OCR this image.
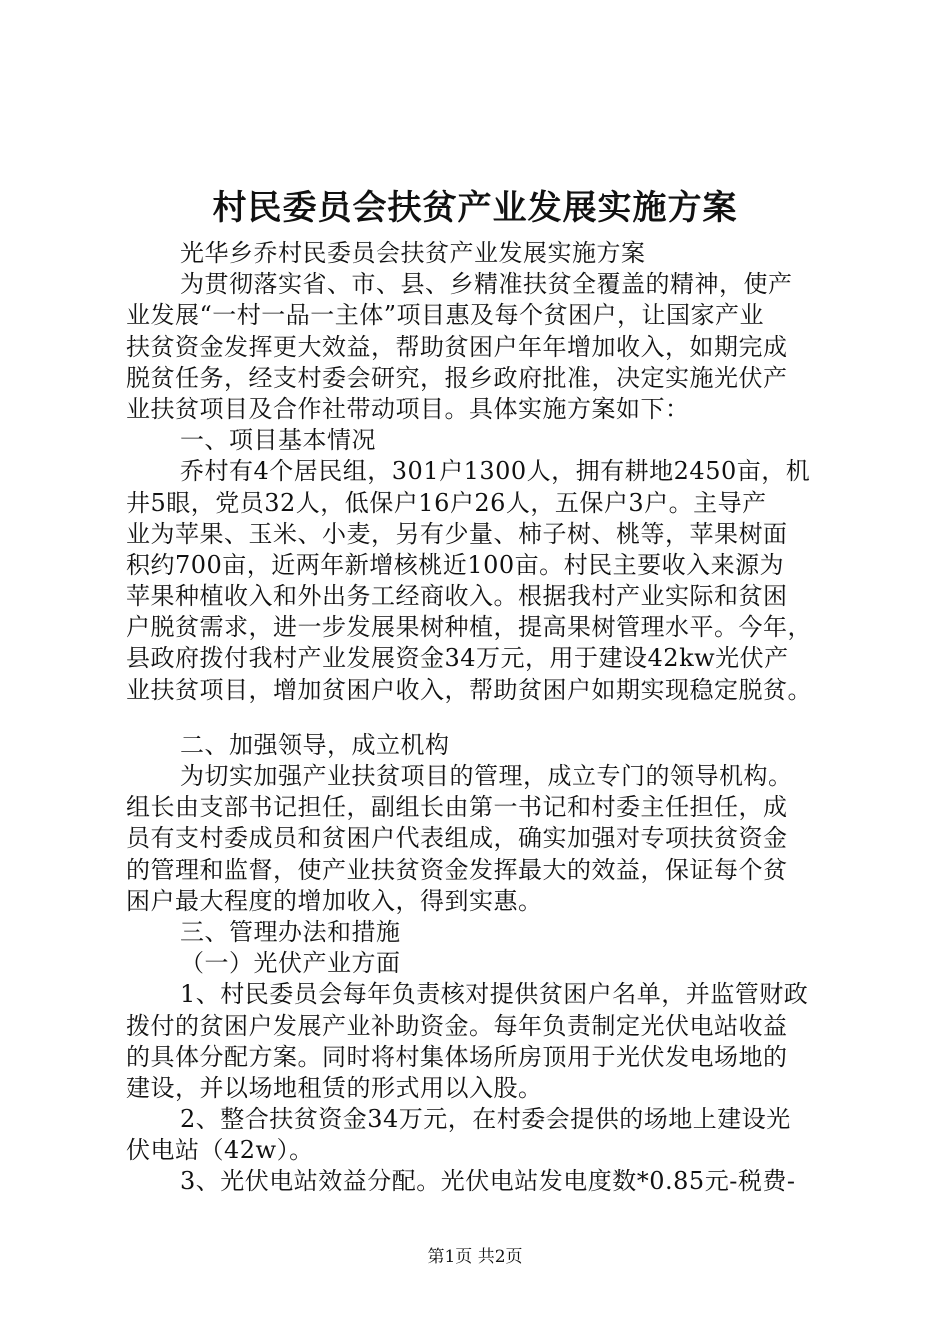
村民委员会扶贫产业发展实施方案
光华乡乔村民委员会扶贫产业发展实施方案
为贯彻落实省、市、县、乡精准扶贫全覆盖的精神，使产
业发展“一村一品一主体”项目惠及每个贫困户，让国家产业
扶贫资金发挥更大效益，帮助贫困户年年增加收入，如期完成
脱贫任务，经支村委会研究，报乡政府批准，决定实施光伏产
业扶贫项目及合作社带动项目。具体实施方案如下：
一、项目基本情况
乔村有4个居民组，301户1300人，拥有耕地2450亩，机
井5眼，党员32人，低保户16户26人，五保户3户。主导产
业为苹果、玉米、小麦，另有少量、柿子树、桃等，苹果树面
积约700亩，近两年新增核桃近100亩。村民主要收入来源为
苹果种植收入和外出务工经商收入。根据我村产业实际和贫困
户脱贫需求，进一步发展果树种植，提高果树管理水平。今年，
县政府拨付我村产业发展资金34万元，用于建设42kw光伏产
业扶贫项目，增加贫困户收入，帮助贫困户如期实现稳定脱贫。
二、加强领导，成立机构
为切实加强产业扶贫项目的管理，成立专门的领导机构。
组长由支部书记担任，副组长由第一书记和村委主任担任，成
员有支村委成员和贫困户代表组成，确实加强对专项扶贫资金
的管理和监督，使产业扶贫资金发挥最大的效益，保证每个贫
困户最大程度的增加收入，得到实惠。
三、管理办法和措施
（一）光伏产业方面
1、村民委员会每年负责核对提供贫困户名单，并监管财政
拨付的贫困户发展产业补助资金。每年负责制定光伏电站收益
的具体分配方案。同时将村集体场所房顶用于光伏发电场地的
建设，并以场地租赁的形式用以入股。
2、整合扶贫资金34万元，在村委会提供的场地上建设光
伏电站（42w）。
3、光伏电站效益分配。光伏电站发电度数*0.85元-税费-
第1页 共2页
